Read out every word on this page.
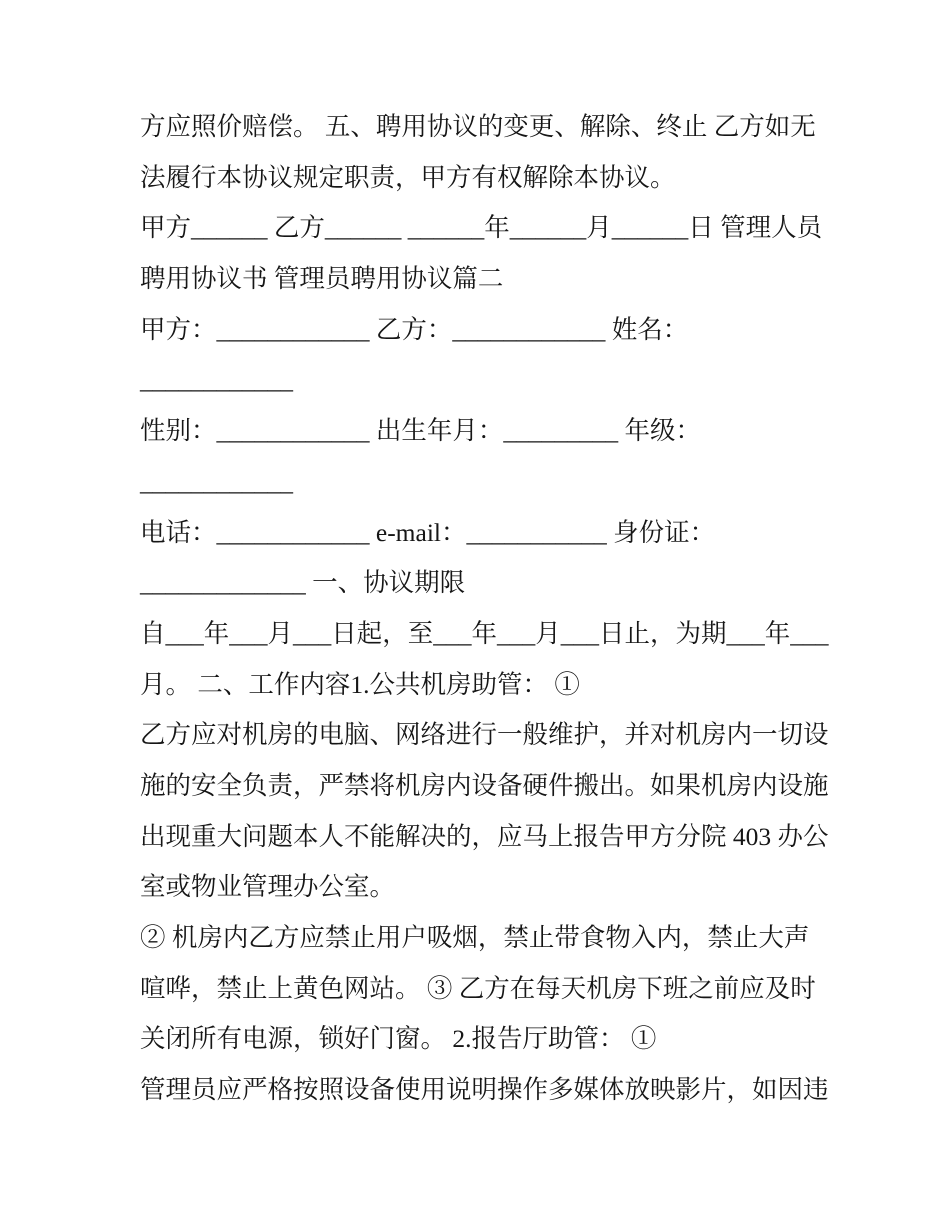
方应照价赔偿。 五、聘用协议的变更、解除、终止 乙方如无
法履行本协议规定职责，甲方有权解除本协议。
甲方______ 乙方______ ______年______月______日 管理人员
聘用协议书 管理员聘用协议篇二
甲方：____________ 乙方：____________ 姓名：
____________
性别：____________ 出生年月：_________ 年级：
____________
电话：____________ e-mail：___________ 身份证：
_____________ 一、协议期限
自___年___月___日起，至___年___月___日止，为期___年___
月。 二、工作内容1.公共机房助管： ①
乙方应对机房的电脑、网络进行一般维护，并对机房内一切设
施的安全负责，严禁将机房内设备硬件搬出。如果机房内设施
出现重大问题本人不能解决的，应马上报告甲方分院 403 办公
室或物业管理办公室。
② 机房内乙方应禁止用户吸烟，禁止带食物入内，禁止大声
喧哗，禁止上黄色网站。 ③ 乙方在每天机房下班之前应及时
关闭所有电源，锁好门窗。 2.报告厅助管： ①
管理员应严格按照设备使用说明操作多媒体放映影片，如因违
